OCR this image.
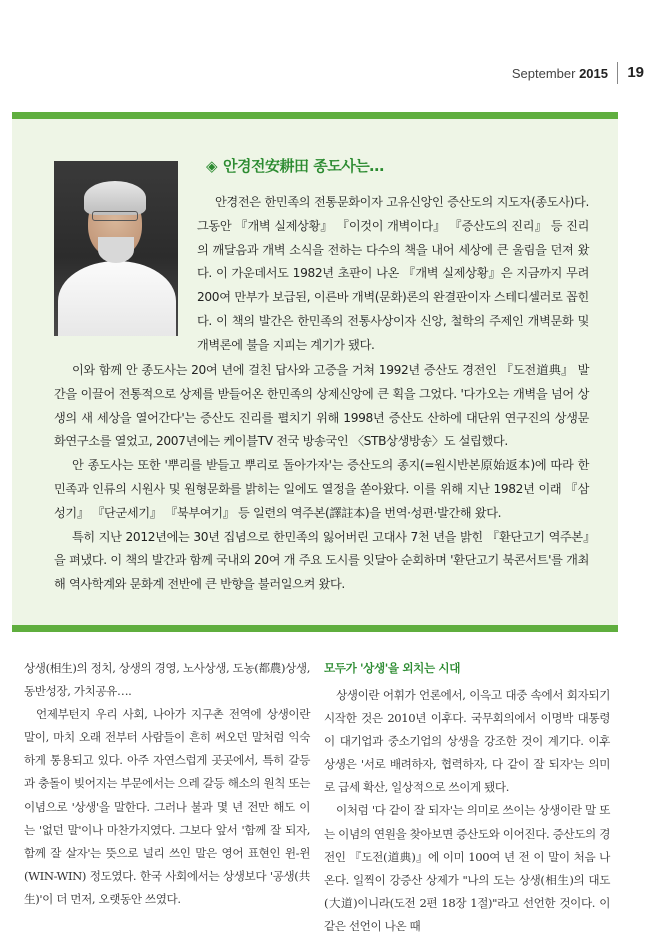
September 2015 19
◈ 안경전安耕田 종도사는…

안경전은 한민족의 전통문화이자 고유신앙인 증산도의 지도자(종도사)다. 그동안 『개벽 실제상황』 『이것이 개벽이다』 『증산도의 진리』 등 진리의 깨달음과 개벽 소식을 전하는 다수의 책을 내어 세상에 큰 울림을 던져 왔다. 이 가운데서도 1982년 초판이 나온 『개벽 실제상황』은 지금까지 무려 200여 만부가 보급된, 이른바 개벽(문화)론의 완결판이자 스테디셀러로 꼽힌다. 이 책의 발간은 한민족의 전통사상이자 신앙, 철학의 주제인 개벽문화 및 개벽론에 불을 지피는 계기가 됐다.

이와 함께 안 종도사는 20여 년에 걸친 답사와 고증을 거쳐 1992년 증산도 경전인 『도전道典』 발간을 이끌어 전통적으로 상제를 받들어온 한민족의 상제신앙에 큰 획을 그었다. '다가오는 개벽을 넘어 상생의 새 세상을 열어간다'는 증산도 진리를 펼치기 위해 1998년 증산도 산하에 대단위 연구진의 상생문화연구소를 열었고, 2007년에는 케이블TV 전국 방송국인 〈STB상생방송〉도 설립했다.

안 종도사는 또한 '뿌리를 받들고 뿌리로 돌아가자'는 증산도의 종지(=원시반본原始返本)에 따라 한민족과 인류의 시원사 및 원형문화를 밝히는 일에도 열정을 쏟아왔다. 이를 위해 지난 1982년 이래 『삼성기』 『단군세기』 『북부여기』 등 일련의 역주본(譯註本)을 번역·성편·발간해 왔다.

특히 지난 2012년에는 30년 집념으로 한민족의 잃어버린 고대사 7천 년을 밝힌 『환단고기 역주본』을 펴냈다. 이 책의 발간과 함께 국내외 20여 개 주요 도시를 잇달아 순회하며 '환단고기 북콘서트'를 개최해 역사학계와 문화계 전반에 큰 반향을 불러일으켜 왔다.

상생(相生)의 정치, 상생의 경영, 노사상생, 도농(都農)상생, 동반성장, 가치공유….

언제부턴지 우리 사회, 나아가 지구촌 전역에 상생이란 말이, 마치 오래 전부터 사람들이 흔히 써오던 말처럼 익숙하게 통용되고 있다. 아주 자연스럽게 곳곳에서, 특히 갈등과 충돌이 빚어지는 부문에서는 으레 갈등 해소의 원칙 또는 이념으로 '상생'을 말한다. 그러나 불과 몇 년 전만 해도 이는 '없던 말'이나 마찬가지였다. 그보다 앞서 '함께 잘 되자, 함께 잘 살자'는 뜻으로 널리 쓰인 말은 영어 표현인 윈-윈(WIN-WIN) 정도였다. 한국 사회에서는 상생보다 '공생(共生)'이 더 먼저, 오랫동안 쓰였다.

모두가 '상생'을 외치는 시대

상생이란 어휘가 언론에서, 이윽고 대중 속에서 회자되기 시작한 것은 2010년 이후다. 국무회의에서 이명박 대통령이 대기업과 중소기업의 상생을 강조한 것이 계기다. 이후 상생은 '서로 배려하자, 협력하자, 다 같이 잘 되자'는 의미로 급세 확산, 일상적으로 쓰이게 됐다.

이처럼 '다 같이 잘 되자'는 의미로 쓰이는 상생이란 말 또는 이념의 연원을 찾아보면 증산도와 이어진다. 증산도의 경전인 『도전(道典)』에 이미 100여 년 전 이 말이 처음 나온다. 일찍이 강증산 상제가 "나의 도는 상생(相生)의 대도(大道)이니라(도전 2편 18장 1절)"라고 선언한 것이다. 이 같은 선언이 나온 때
